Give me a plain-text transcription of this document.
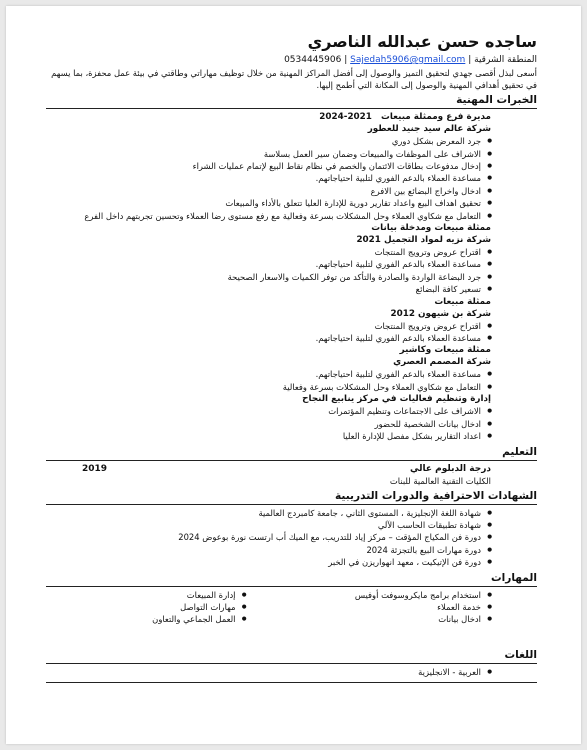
ساجده حسن عبدالله الناصري
المنطقة الشرقية | 0534445906 | Sajedah5906@gmail.com
أسعى لبذل أقصى جهدي لتحقيق التميز والوصول إلى أفضل المراكز المهنية من خلال توظيف مهاراتي وطاقتي في بيئة عمل محفزة، بما يسهم في تحقيق أهدافي المهنية والوصول إلى المكانة التي أطمح إليها.
الخبرات المهنية
مديرة فرع وممثلة مبيعات 2021-2024
شركة عالم سيد جنيد للعطور
● جرد المعرض بشكل دوري
● الاشراف على الموظفات والمبيعات وضمان سير العمل بسلاسة
● إدخال مدفوعات بطاقات الائتمان والخصم في نظام نقاط البيع لإتمام عمليات الشراء
● مساعدة العملاء بالدعم الفوري لتلبية احتياجاتهم.
● ادخال واخراج البضائع بين الافرع
● تحقيق اهداف البيع واعداد تقارير دورية للإدارة العليا تتعلق بالأداء والمبيعات
● التعامل مع شكاوي العملاء وحل المشكلات بسرعة وفعالية مع رفع مستوى رضا العملاء وتحسين تجربتهم داخل الفرع
ممثلة مبيعات ومدخلة بيانات
شركة نزيه لمواد التجميل 2021
● اقتراح عروض وترويج المنتجات
● مساعدة العملاء بالدعم الفوري لتلبية احتياجاتهم.
● جرد البضاعة الواردة والصادرة والتأكد من توفر الكميات والاسعار الصحيحة
● تسعير كافة البضائع
ممثلة مبيعات
شركة بن شيهون 2012
● اقتراح عروض وترويج المنتجات
● مساعدة العملاء بالدعم الفوري لتلبية احتياجاتهم.
ممثلة مبيعات وكاشير
شركة المصمم العصري
● مساعدة العملاء بالدعم الفوري لتلبية احتياجاتهم.
● التعامل مع شكاوي العملاء وحل المشكلات بسرعة وفعالية
إدارة وتنظيم فعاليات في مركز ينابيع النجاح
● الاشراف على الاجتماعات وتنظيم المؤتمرات
● ادخال بيانات الشخصية للحضور
● اعداد التقارير بشكل مفصل للإدارة العليا
التعليم
درجة الدبلوم عالي
2019
الكليات التقنية العالمية للبنات
الشهادات الاحترافية والدورات التدريبية
● شهادة اللغة الإنجليزية ، المستوى الثاني ، جامعة كامبردج العالمية
● شهادة تطبيقات الحاسب الآلي
● دورة فن المكياج المؤقت – مركز إياد للتدريب، مع الميك أب ارتست نورة بوعوض 2024
● دورة مهارات البيع بالتجزئة 2024
● دورة فن الإتيكيت ، معهد انهواريزن في الخبر
المهارات
● استخدام برامج مايكروسوفت أوفيس
● خدمة العملاء
● ادخال بيانات
● إدارة المبيعات
● مهارات التواصل
● العمل الجماعي والتعاون
اللغات
● العربية - الانجليزية
